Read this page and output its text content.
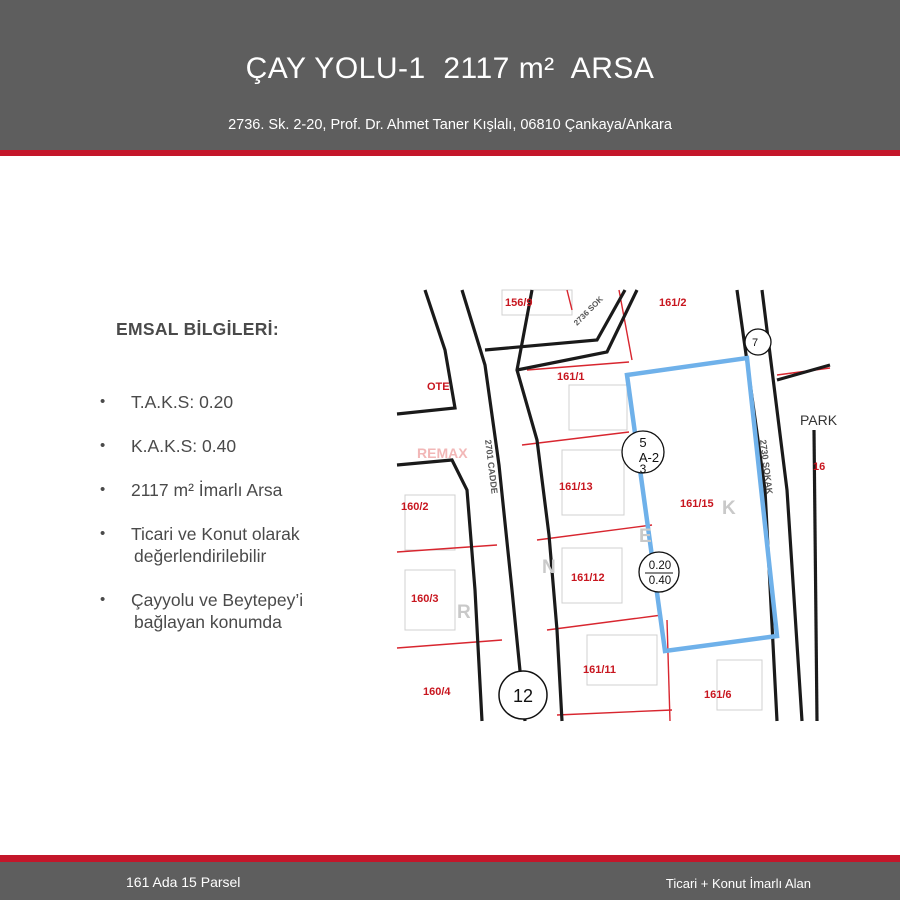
ÇAY YOLU-1  2117 m²  ARSA
2736. Sk. 2-20, Prof. Dr. Ahmet Taner Kışlalı, 06810 Çankaya/Ankara
EMSAL BİLGİLERİ:
• T.A.K.S: 0.20
• K.A.K.S: 0.40
• 2117 m² İmarlı Arsa
• Ticari ve Konut olarak
değerlendirilebilir
• Çayyolu ve Beytepey’i
bağlayan konumda
REMAX
156/9	161/2
161/1
161/13
161/15
161/12
161/11
161/6
160/2
160/3
160/4
16
OTE
K
N
E
R
2701 CADDE	2730 SOKAK
2736 SOK
PARK
5
A-2
3
0.20
0.40
12
7
161 Ada 15 Parsel	Ticari + Konut İmarlı Alan
